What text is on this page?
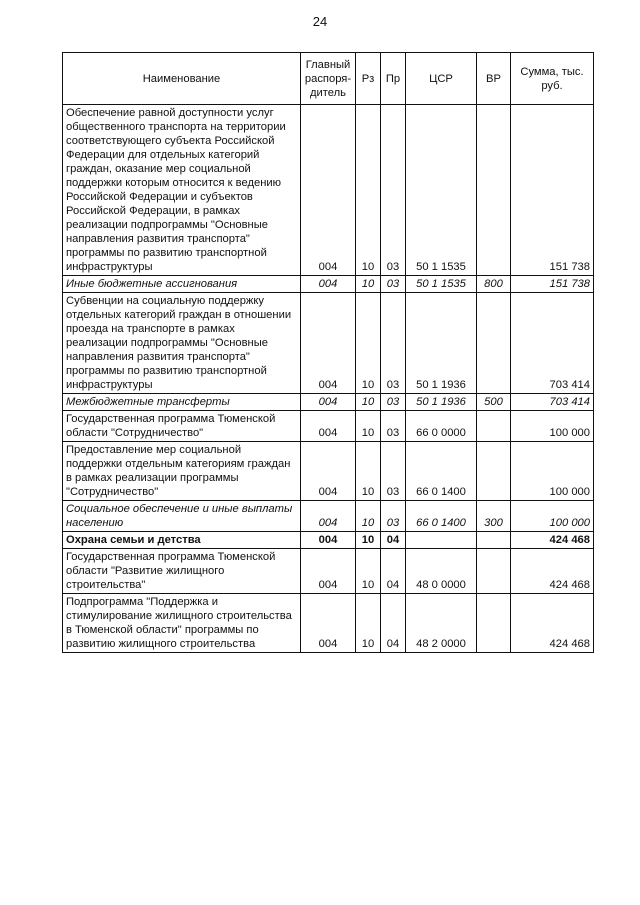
24
Наименование	Главный распоря-дитель	Рз	Пр	ЦСР	ВР	Сумма, тыс. руб.
Обеспечение равной доступности услуг общественного транспорта на территории соответствующего субъекта Российской Федерации для отдельных категорий граждан, оказание мер социальной поддержки которым относится к ведению Российской Федерации и субъектов Российской Федерации, в рамках реализации подпрограммы "Основные направления развития транспорта" программы по развитию транспортной инфраструктуры	004	10	03	50 1 1535		151 738
Иные бюджетные ассигнования	004	10	03	50 1 1535	800	151 738
Субвенции на социальную поддержку отдельных категорий граждан в отношении проезда на транспорте в рамках реализации подпрограммы "Основные направления развития транспорта" программы по развитию транспортной инфраструктуры	004	10	03	50 1 1936		703 414
Межбюджетные трансферты	004	10	03	50 1 1936	500	703 414
Государственная программа Тюменской области "Сотрудничество"	004	10	03	66 0 0000		100 000
Предоставление мер социальной поддержки отдельным категориям граждан в рамках реализации программы "Сотрудничество"	004	10	03	66 0 1400		100 000
Социальное обеспечение и иные выплаты населению	004	10	03	66 0 1400	300	100 000
Охрана семьи и детства	004	10	04			424 468
Государственная программа Тюменской области "Развитие жилищного строительства"	004	10	04	48 0 0000		424 468
Подпрограмма "Поддержка и стимулирование жилищного строительства в Тюменской области" программы по развитию жилищного строительства	004	10	04	48 2 0000		424 468
